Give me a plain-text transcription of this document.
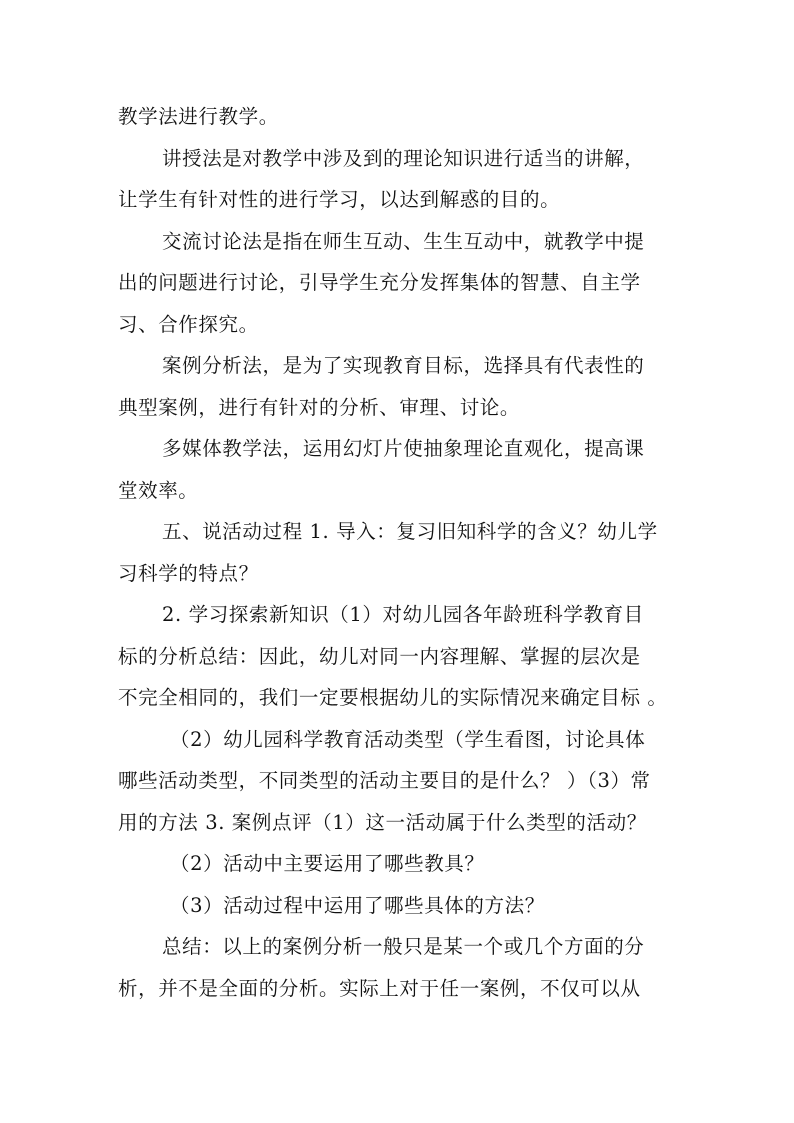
教学法进行教学。
讲授法是对教学中涉及到的理论知识进行适当的讲解，
让学生有针对性的进行学习，以达到解惑的目的。
交流讨论法是指在师生互动、生生互动中，就教学中提
出的问题进行讨论，引导学生充分发挥集体的智慧、自主学
习、合作探究。
案例分析法，是为了实现教育目标，选择具有代表性的
典型案例，进行有针对的分析、审理、讨论。
多媒体教学法，运用幻灯片使抽象理论直观化，提高课
堂效率。
五、说活动过程 1. 导入：复习旧知科学的含义？幼儿学
习科学的特点？
2. 学习探索新知识（1）对幼儿园各年龄班科学教育目
标的分析总结：因此，幼儿对同一内容理解、掌握的层次是
不完全相同的，我们一定要根据幼儿的实际情况来确定目标 。
（2）幼儿园科学教育活动类型（学生看图，讨论具体
哪些活动类型，不同类型的活动主要目的是什么？ ）（3）常
用的方法 3. 案例点评（1）这一活动属于什么类型的活动？
（2）活动中主要运用了哪些教具？
（3）活动过程中运用了哪些具体的方法？
总结：以上的案例分析一般只是某一个或几个方面的分
析，并不是全面的分析。实际上对于任一案例，不仅可以从
